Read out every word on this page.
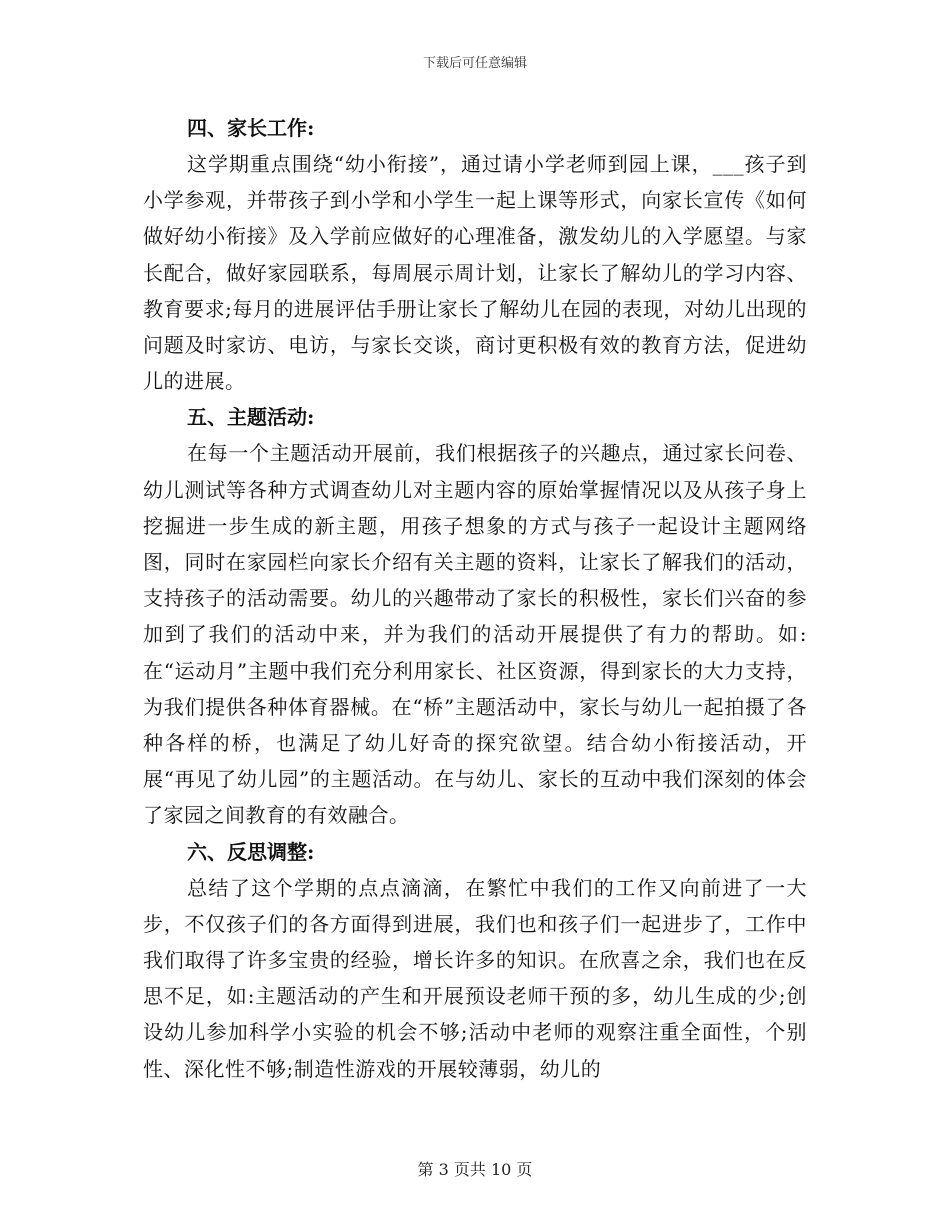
下载后可任意编辑
四、家长工作:

这学期重点围绕“幼小衔接”，通过请小学老师到园上课，___孩子到小学参观，并带孩子到小学和小学生一起上课等形式，向家长宣传《如何做好幼小衔接》及入学前应做好的心理准备，激发幼儿的入学愿望。与家长配合，做好家园联系，每周展示周计划，让家长了解幼儿的学习内容、教育要求;每月的进展评估手册让家长了解幼儿在园的表现，对幼儿出现的问题及时家访、电访，与家长交谈，商讨更积极有效的教育方法，促进幼儿的进展。

五、主题活动:

在每一个主题活动开展前，我们根据孩子的兴趣点，通过家长问卷、幼儿测试等各种方式调查幼儿对主题内容的原始掌握情况以及从孩子身上挖掘进一步生成的新主题，用孩子想象的方式与孩子一起设计主题网络图，同时在家园栏向家长介绍有关主题的资料，让家长了解我们的活动，支持孩子的活动需要。幼儿的兴趣带动了家长的积极性，家长们兴奋的参加到了我们的活动中来，并为我们的活动开展提供了有力的帮助。如:在“运动月”主题中我们充分利用家长、社区资源，得到家长的大力支持，为我们提供各种体育器械。在“桥”主题活动中，家长与幼儿一起拍摄了各种各样的桥，也满足了幼儿好奇的探究欲望。结合幼小衔接活动，开展“再见了幼儿园”的主题活动。在与幼儿、家长的互动中我们深刻的体会了家园之间教育的有效融合。

六、反思调整:

总结了这个学期的点点滴滴，在繁忙中我们的工作又向前进了一大步，不仅孩子们的各方面得到进展，我们也和孩子们一起进步了，工作中我们取得了许多宝贵的经验，增长许多的知识。在欣喜之余，我们也在反思不足，如:主题活动的产生和开展预设老师干预的多，幼儿生成的少;创设幼儿参加科学小实验的机会不够;活动中老师的观察注重全面性，个别性、深化性不够;制造性游戏的开展较薄弱，幼儿的

第 3 页共 10 页
